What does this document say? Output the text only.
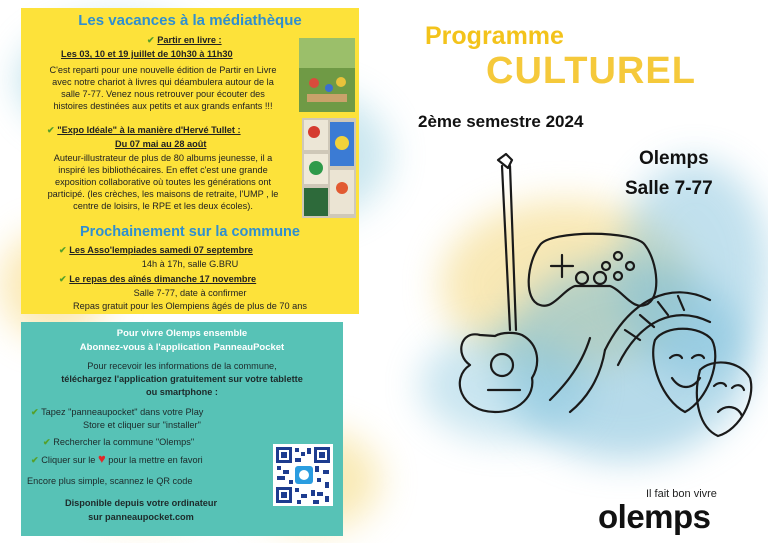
Les vacances à la médiathèque
✔ Partir en livre :
Les 03, 10 et 19 juillet de 10h30 à 11h30
C'est reparti pour une nouvelle édition de Partir en Livre
avec notre chariot à livres qui déambulera autour de la
salle 7-77. Venez nous retrouver pour écouter des
histoires destinées aux petits et aux grands enfants !!!
✔ "Expo Idéale" à la manière d'Hervé Tullet :
Du 07 mai au 28 août
Auteur-illustrateur de plus de 80 albums jeunesse, il a
inspiré les bibliothécaires. En effet c'est une grande
exposition collaborative où toutes les générations ont
participé. (les crèches, les maisons de retraite, l'UMP , le
centre de loisirs, le RPE et les deux écoles).
Prochainement sur la commune
✔ Les Asso'lempiades samedi 07 septembre
14h à 17h, salle G.BRU
✔ Le repas des aînés dimanche 17 novembre
Salle 7-77, date à confirmer
Repas gratuit pour les Olempiens âgés de plus de 70 ans
Pour vivre Olemps ensemble
Abonnez-vous à l'application PanneauPocket
Pour recevoir les informations de la commune,
téléchargez l'application gratuitement sur votre tablette
ou smartphone :
✔ Tapez "panneaupocket" dans votre Play
Store et cliquer sur "installer"
✔ Rechercher la commune "Olemps"
✔ Cliquer sur le ♥ pour la mettre en favori
Encore plus simple, scannez le QR code
Disponible depuis votre ordinateur
sur panneaupocket.com
Programme
CULTUREL
2ème semestre 2024
Olemps
Salle 7-77
Il fait bon vivre
olemps
